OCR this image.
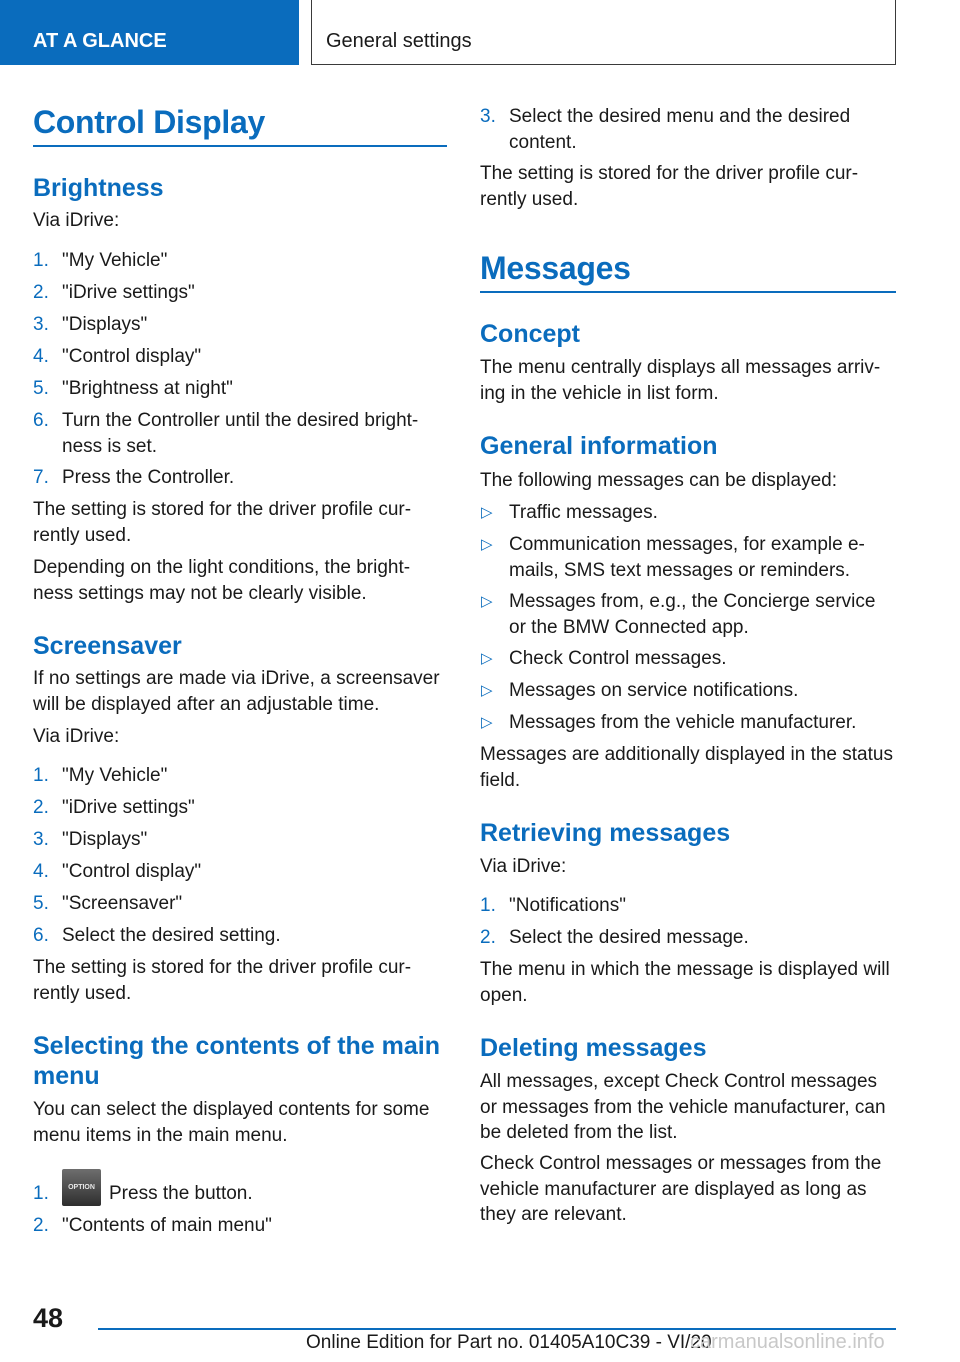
AT A GLANCE	General settings
Control Display
Brightness
Via iDrive:
1. "My Vehicle"
2. "iDrive settings"
3. "Displays"
4. "Control display"
5. "Brightness at night"
6. Turn the Controller until the desired bright‐ness is set.
7. Press the Controller.
The setting is stored for the driver profile cur‐rently used.
Depending on the light conditions, the bright‐ness settings may not be clearly visible.
Screensaver
If no settings are made via iDrive, a screensaver will be displayed after an adjustable time.
Via iDrive:
1. "My Vehicle"
2. "iDrive settings"
3. "Displays"
4. "Control display"
5. "Screensaver"
6. Select the desired setting.
The setting is stored for the driver profile cur‐rently used.
Selecting the contents of the main menu
You can select the displayed contents for some menu items in the main menu.
1.	OPTION Press the button.
2. "Contents of main menu"
3. Select the desired menu and the desired content.
The setting is stored for the driver profile cur‐rently used.
Messages
Concept
The menu centrally displays all messages arriv‐ing in the vehicle in list form.
General information
The following messages can be displayed:
▷ Traffic messages.
▷ Communication messages, for example e-mails, SMS text messages or reminders.
▷ Messages from, e.g., the Concierge service or the BMW Connected app.
▷ Check Control messages.
▷ Messages on service notifications.
▷ Messages from the vehicle manufacturer.
Messages are additionally displayed in the status field.
Retrieving messages
Via iDrive:
1. "Notifications"
2. Select the desired message.
The menu in which the message is displayed will open.
Deleting messages
All messages, except Check Control messages or messages from the vehicle manufacturer, can be deleted from the list.
Check Control messages or messages from the vehicle manufacturer are displayed as long as they are relevant.
48
Online Edition for Part no. 01405A10C39 - VI/20
carmanualsonline.info
